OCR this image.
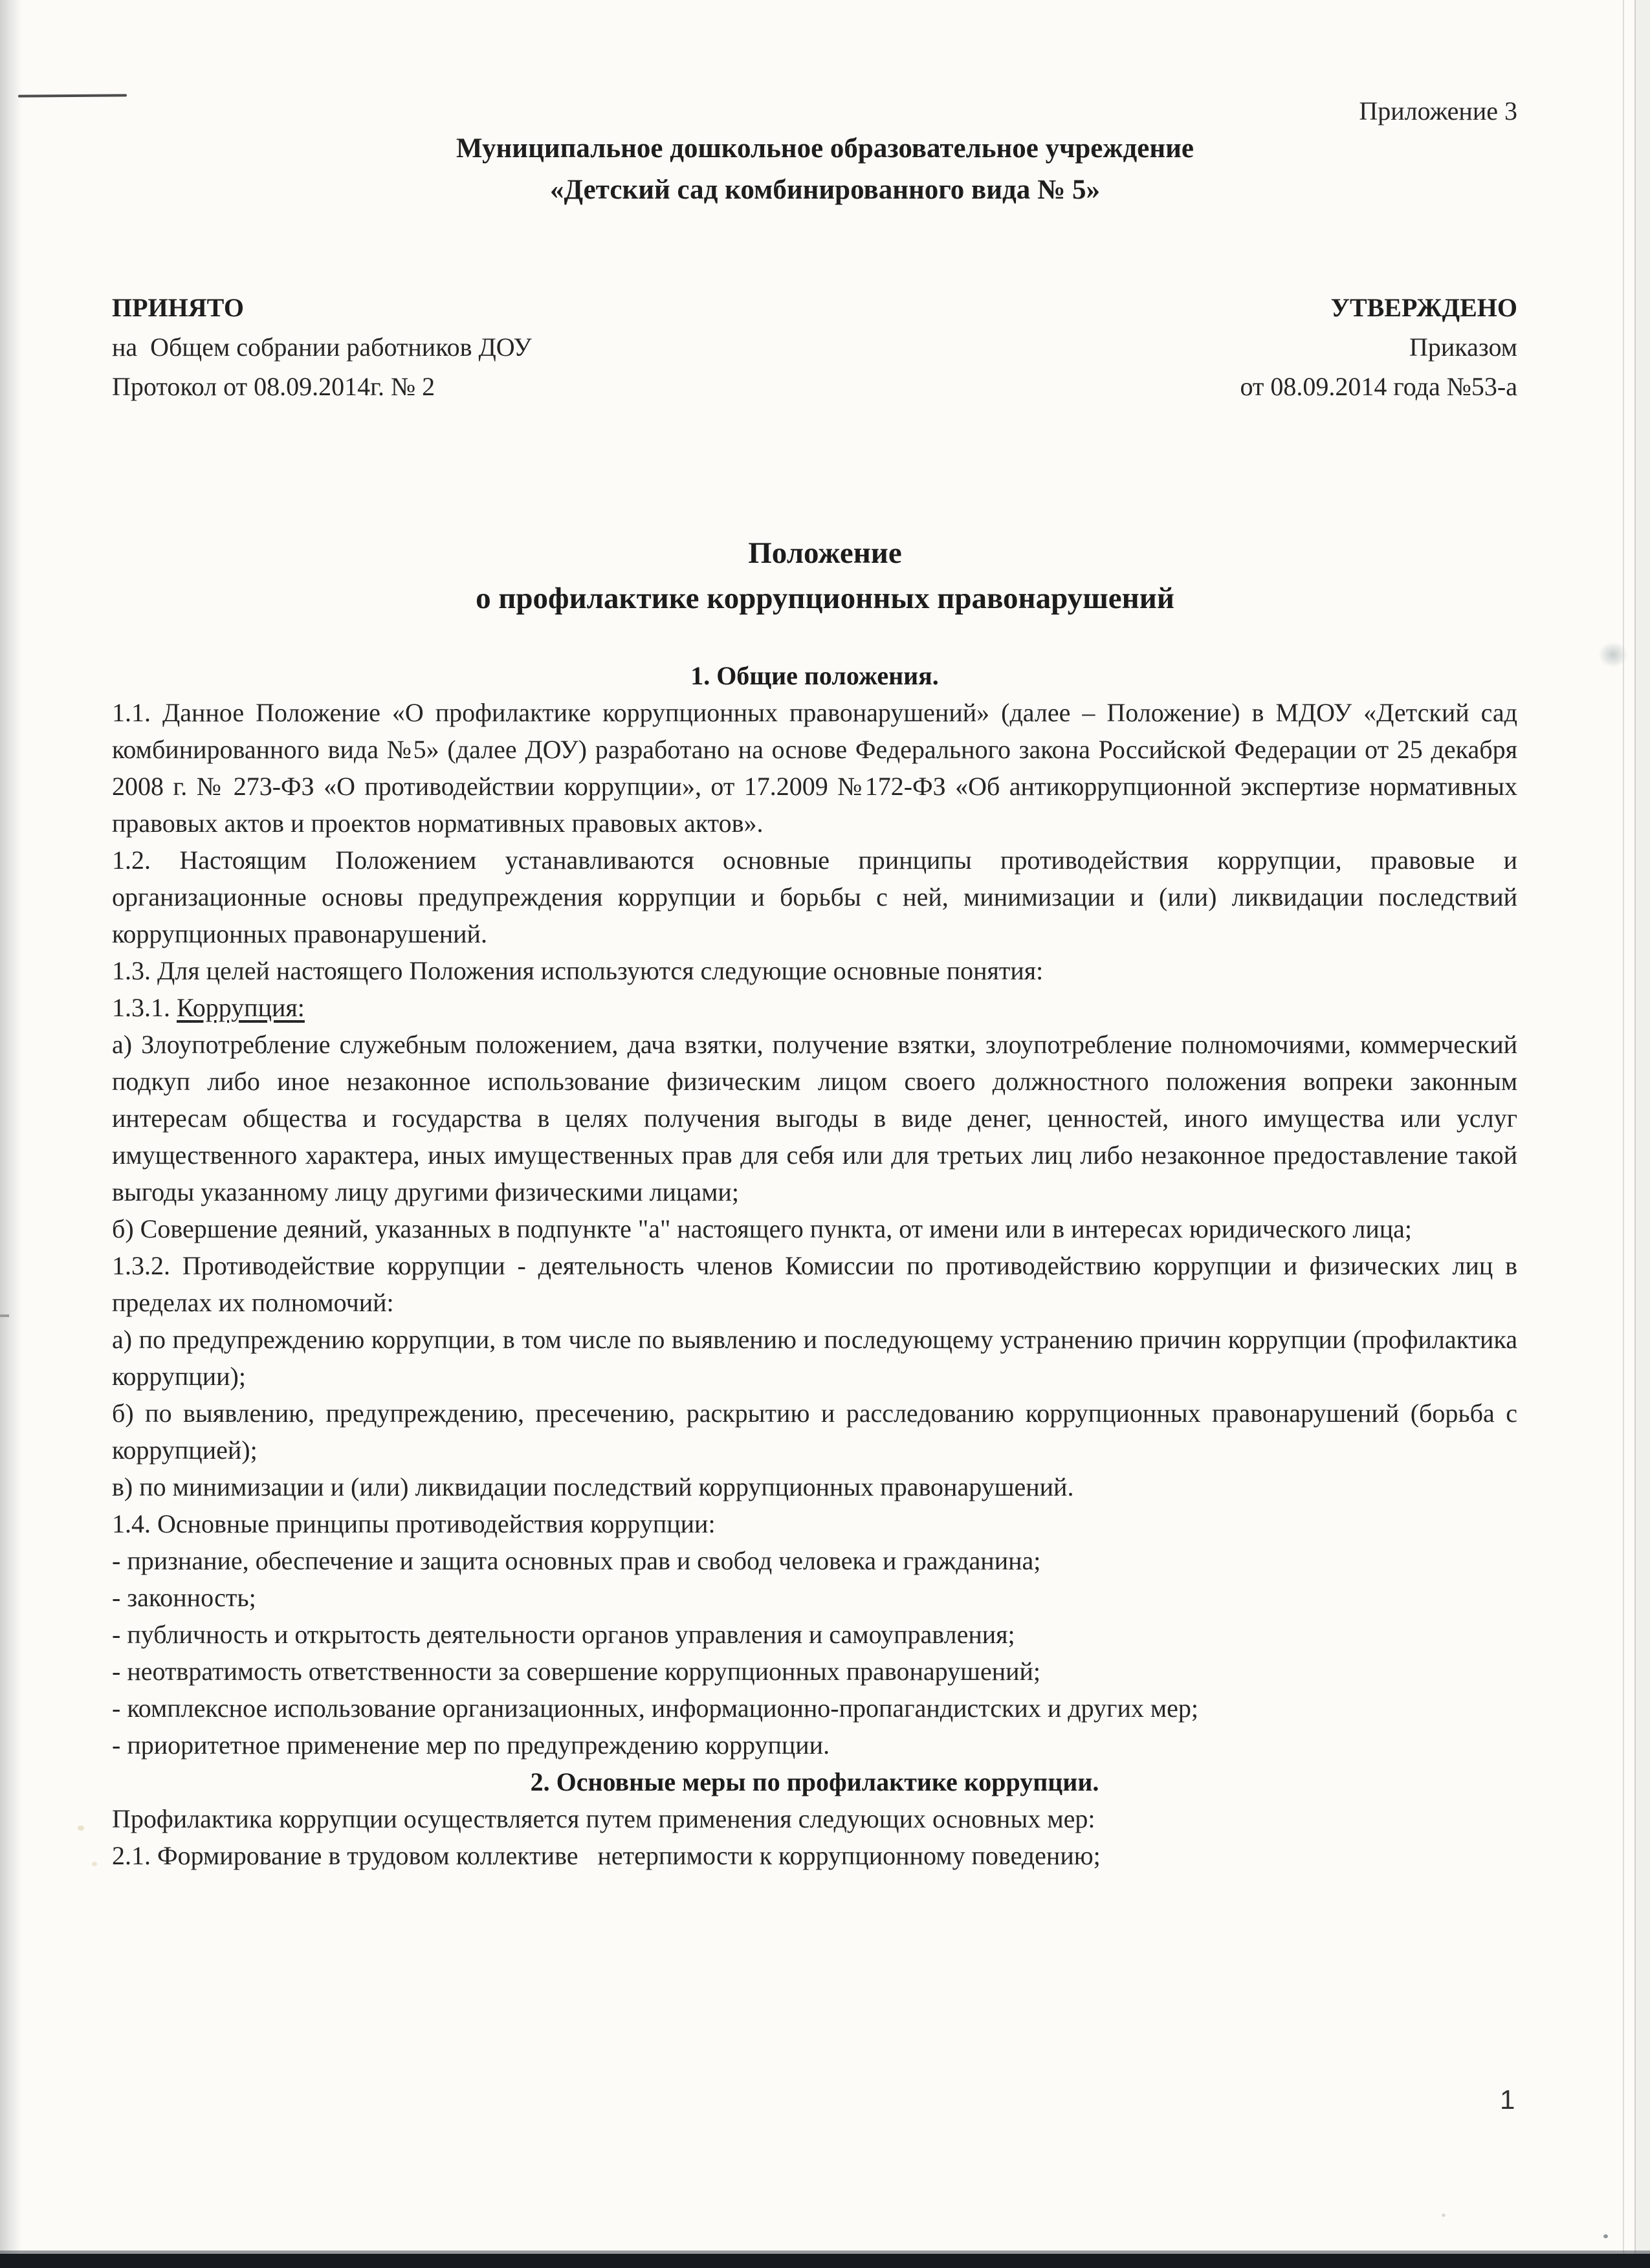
Приложение 3
Муниципальное дошкольное образовательное учреждение
«Детский сад комбинированного вида № 5»
ПРИНЯТО
на  Общем собрании работников ДОУ
Протокол от 08.09.2014г. № 2
УТВЕРЖДЕНО
Приказом
от 08.09.2014 года №53-а
Положение
о профилактике коррупционных правонарушений

1. Общие положения.

1.1. Данное Положение «О профилактике коррупционных правонарушений» (далее – Положение) в МДОУ «Детский сад комбинированного вида №5» (далее ДОУ) разработано на основе Федерального закона Российской Федерации от 25 декабря 2008 г. № 273-ФЗ «О противодействии коррупции», от 17.2009 №172-ФЗ «Об антикоррупционной экспертизе нормативных правовых актов и проектов нормативных правовых актов».

1.2. Настоящим Положением устанавливаются основные принципы противодействия коррупции, правовые и организационные основы предупреждения коррупции и борьбы с ней, минимизации и (или) ликвидации последствий коррупционных правонарушений.

1.3. Для целей настоящего Положения используются следующие основные понятия:

1.3.1. Коррупция:

а) Злоупотребление служебным положением, дача взятки, получение взятки, злоупотребление полномочиями, коммерческий подкуп либо иное незаконное использование физическим лицом своего должностного положения вопреки законным интересам общества и государства в целях получения выгоды в виде денег, ценностей, иного имущества или услуг имущественного характера, иных имущественных прав для себя или для третьих лиц либо незаконное предоставление такой выгоды указанному лицу другими физическими лицами;

б) Совершение деяний, указанных в подпункте "а" настоящего пункта, от имени или в интересах юридического лица;

1.3.2. Противодействие коррупции - деятельность членов Комиссии по противодействию коррупции и физических лиц в пределах их полномочий:

а) по предупреждению коррупции, в том числе по выявлению и последующему устранению причин коррупции (профилактика коррупции);

б) по выявлению, предупреждению, пресечению, раскрытию и расследованию коррупционных правонарушений (борьба с коррупцией);

в) по минимизации и (или) ликвидации последствий коррупционных правонарушений.

1.4. Основные принципы противодействия коррупции:

- признание, обеспечение и защита основных прав и свобод человека и гражданина;

- законность;

- публичность и открытость деятельности органов управления и самоуправления;

- неотвратимость ответственности за совершение коррупционных правонарушений;

- комплексное использование организационных, информационно-пропагандистских и других мер;

- приоритетное применение мер по предупреждению коррупции.

2. Основные меры по профилактике коррупции.

Профилактика коррупции осуществляется путем применения следующих основных мер:

2.1. Формирование в трудовом коллективе   нетерпимости к коррупционному поведению;

1
